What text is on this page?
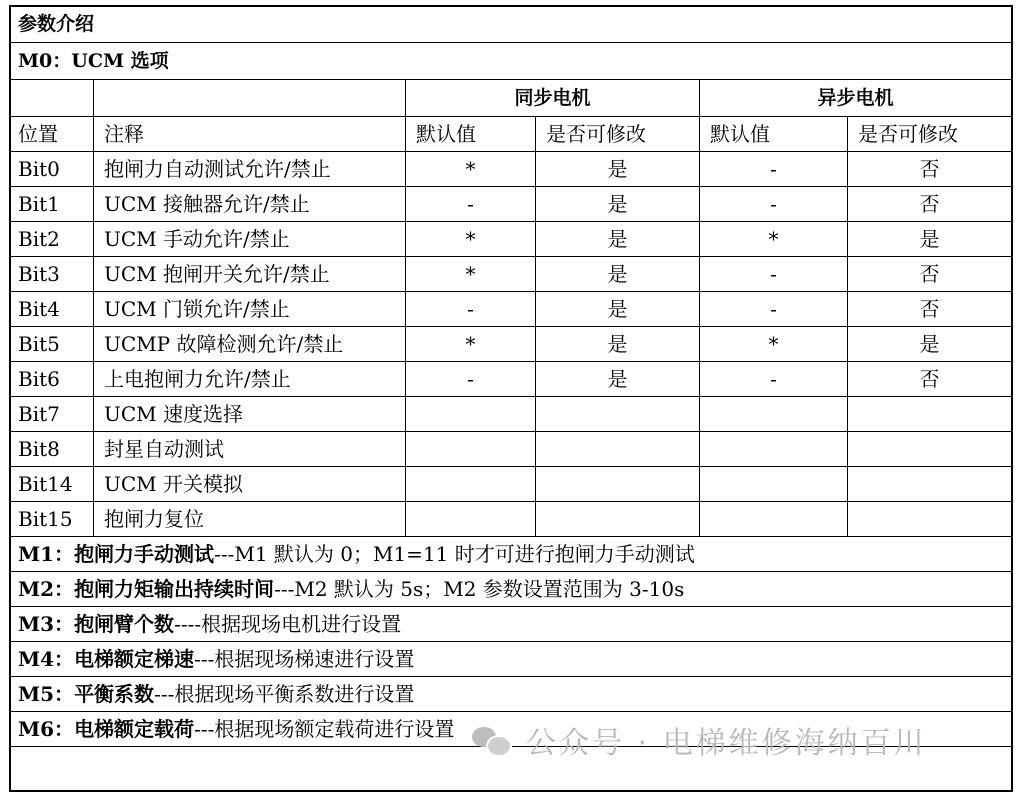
参数介绍					
M0：UCM 选项					
		同步电机		异步电机	
位置	注释	默认值	是否可修改	默认值	是否可修改
Bit0	抱闸力自动测试允许/禁止	*	是	-	否
Bit1	UCM 接触器允许/禁止	-	是	-	否
Bit2	UCM 手动允许/禁止	*	是	*	是
Bit3	UCM 抱闸开关允许/禁止	*	是	-	否
Bit4	UCM 门锁允许/禁止	-	是	-	否
Bit5	UCMP 故障检测允许/禁止	*	是	*	是
Bit6	上电抱闸力允许/禁止	-	是	-	否
Bit7	UCM 速度选择				
Bit8	封星自动测试				
Bit14	UCM 开关模拟				
Bit15	抱闸力复位				
M1：抱闸力手动测试---M1 默认为 0；M1=11 时才可进行抱闸力手动测试					
M2：抱闸力矩输出持续时间---M2 默认为 5s；M2 参数设置范围为 3-10s					
M3：抱闸臂个数----根据现场电机进行设置					
M4：电梯额定梯速---根据现场梯速进行设置					
M5：平衡系数---根据现场平衡系数进行设置					
M6：电梯额定载荷---根据现场额定载荷进行设置					公众号 · 电梯维修海纳百川
